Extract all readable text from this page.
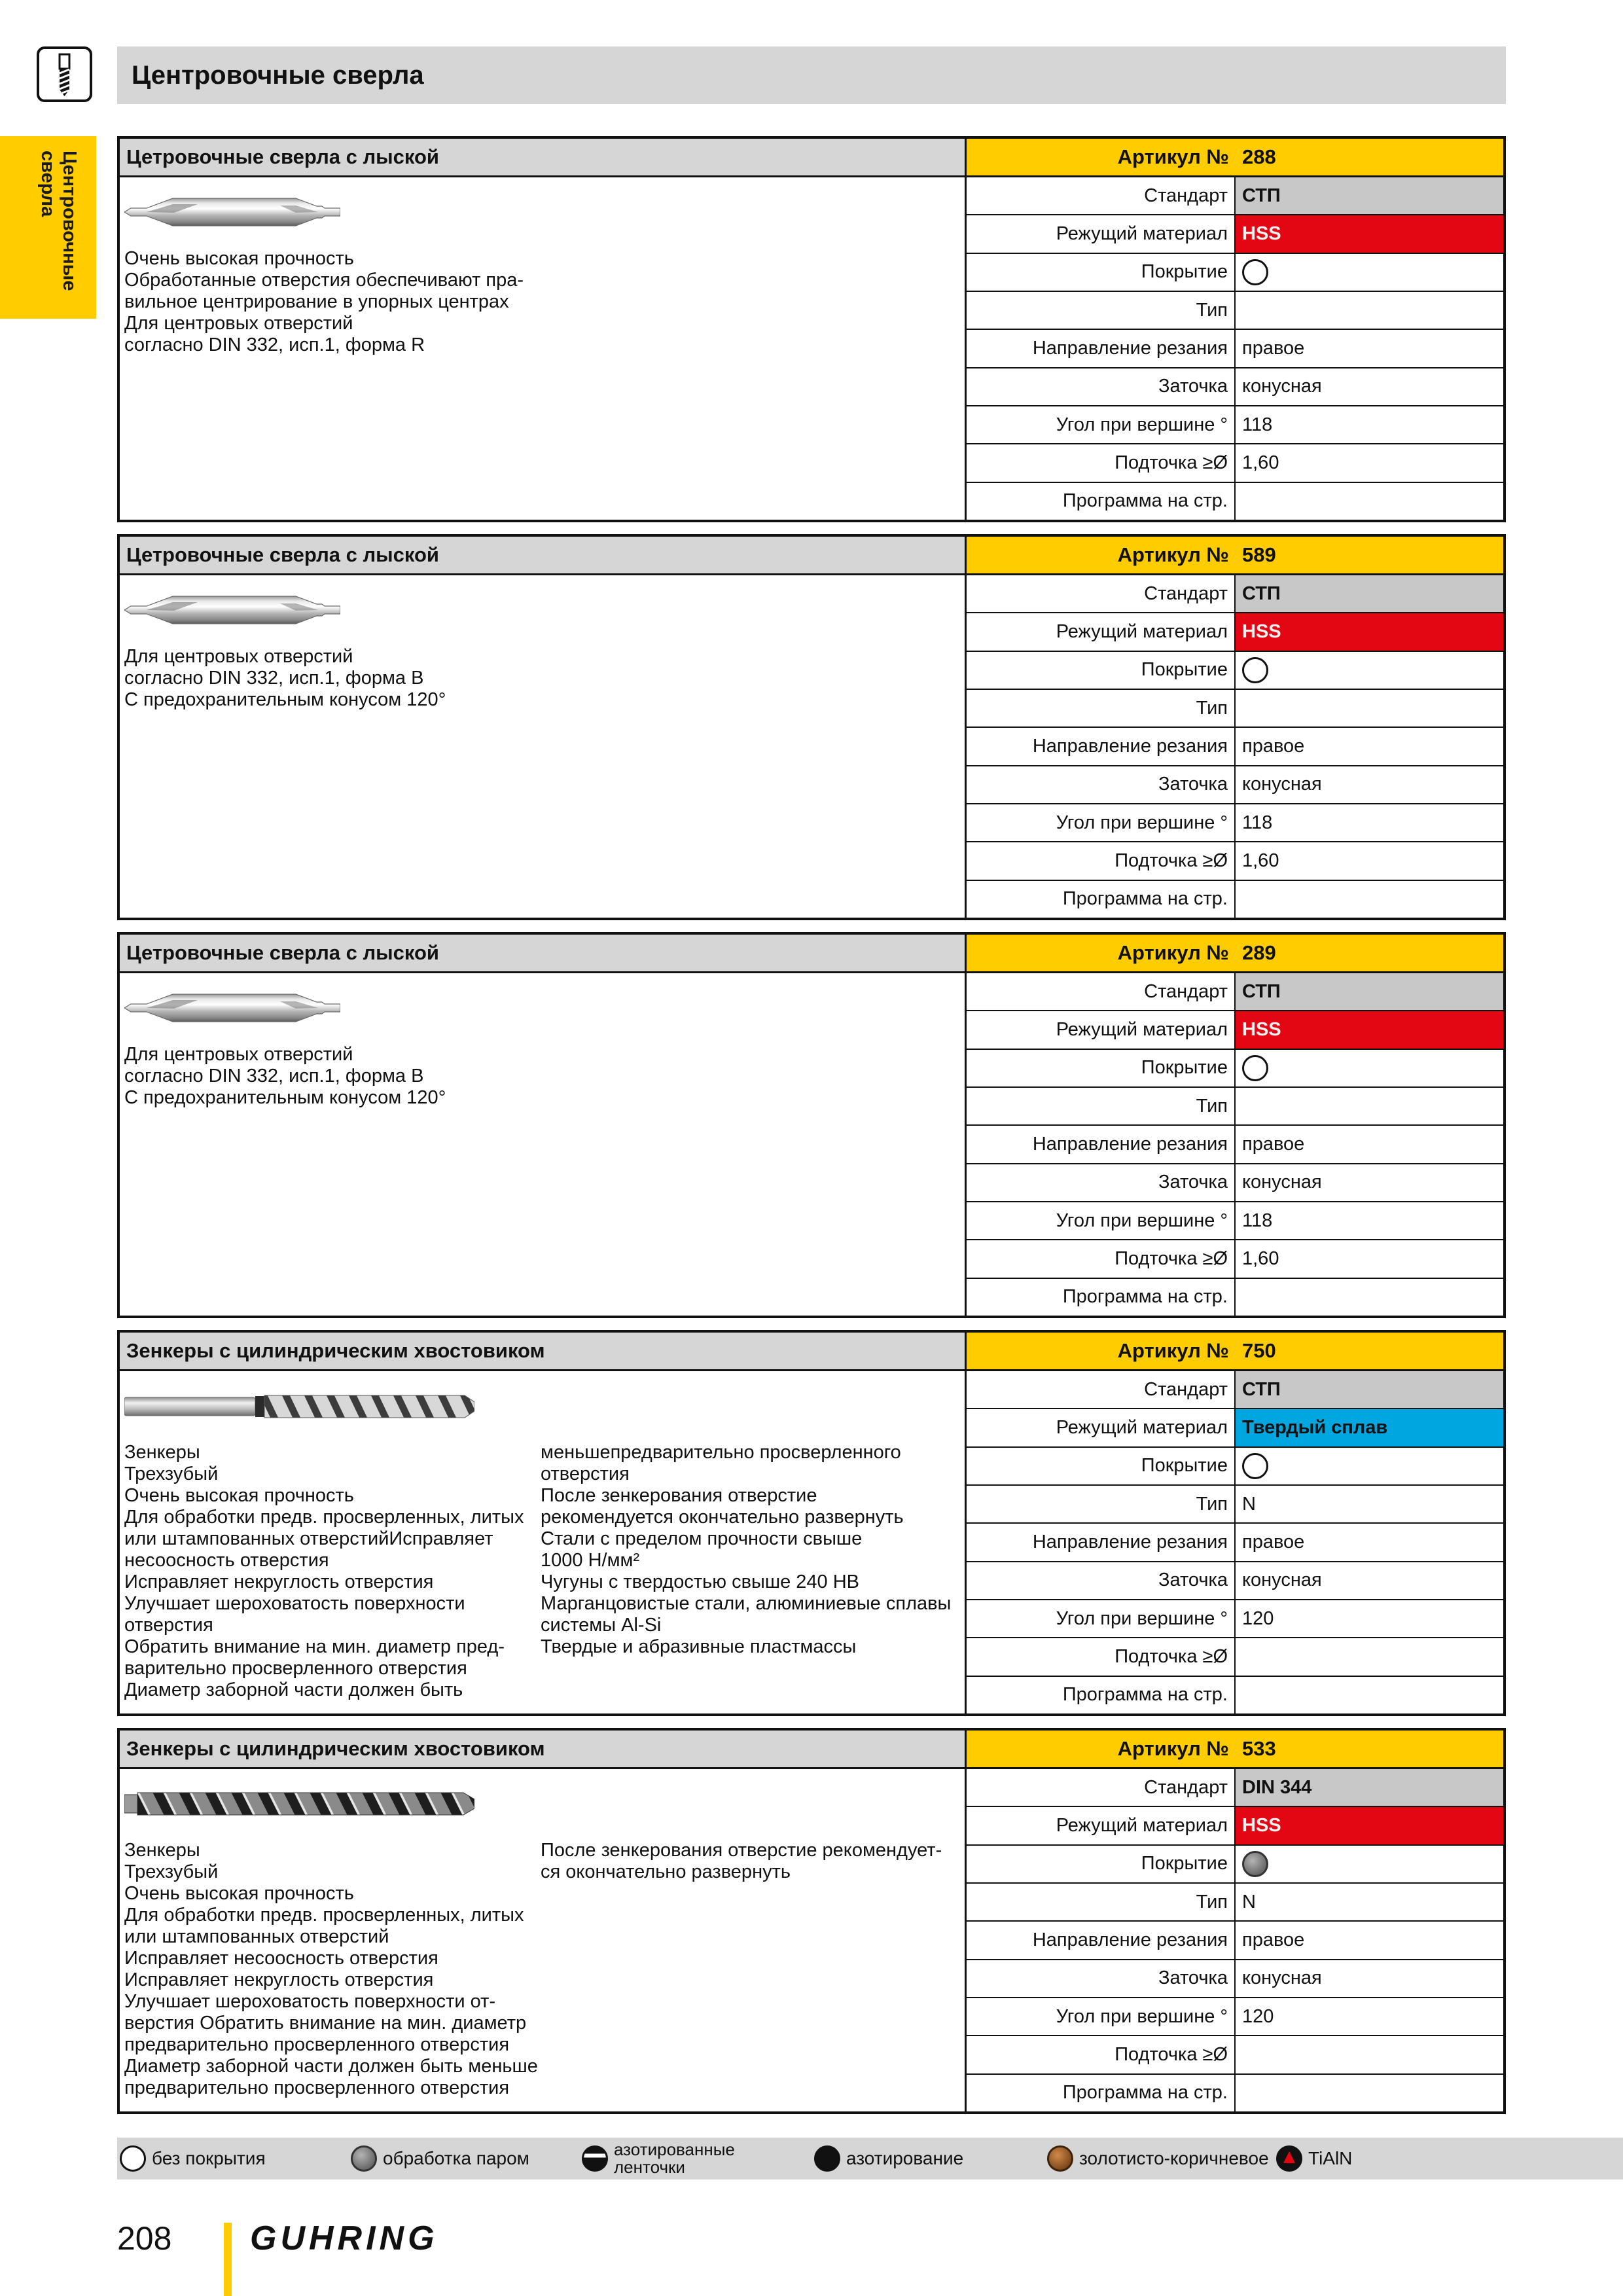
Центровочные сверла
Центровочные
сверла	Цетровочные сверла с лыской	Артикул № 288
Очень высокая прочность
Обработанные отверстия обеспечивают пра-
вильное центрирование в упорных центрах
Для центровых отверстий
согласно DIN 332, исп.1, форма R
Стандарт СТП
Режущий материал HSS
Покрытие
Тип
Направление резания правое
Заточка конусная
Угол при вершине ° 118
Подточка ≥Ø 1,60
Программа на стр.
Цетровочные сверла с лыской	Артикул № 589
Для центровых отверстий
согласно DIN 332, исп.1, форма B
С предохранительным конусом 120°
Стандарт СТП
Режущий материал HSS
Покрытие
Тип
Направление резания правое
Заточка конусная
Угол при вершине ° 118
Подточка ≥Ø 1,60
Программа на стр.
Цетровочные сверла с лыской	Артикул № 289
Для центровых отверстий
согласно DIN 332, исп.1, форма B
С предохранительным конусом 120°
Стандарт СТП
Режущий материал HSS
Покрытие
Тип
Направление резания правое
Заточка конусная
Угол при вершине ° 118
Подточка ≥Ø 1,60
Программа на стр.
Зенкеры с цилиндрическим хвостовиком	Артикул № 750
Зенкеры
Трехзубый
Очень высокая прочность
Для обработки предв. просверленных, литых
или штампованных отверстийИсправляет
несоосность отверстия
Исправляет некруглость отверстия
Улучшает шероховатость поверхности
отверстия
Обратить внимание на мин. диаметр пред-
варительно просверленного отверстия
Диаметр заборной части должен быть
меньшепредварительно просверленного
отверстия
После зенкерования отверстие
рекомендуется окончательно развернуть
Стали с пределом прочности свыше
1000 Н/мм²
Чугуны с твердостью свыше 240 HB
Марганцовистые стали, алюминиевые сплавы
системы Al-Si
Твердые и абразивные пластмассы
Стандарт СТП
Режущий материал Твердый сплав
Покрытие
Тип N
Направление резания правое
Заточка конусная
Угол при вершине ° 120
Подточка ≥Ø
Программа на стр.
Зенкеры с цилиндрическим хвостовиком	Артикул № 533
Зенкеры
Трехзубый
Очень высокая прочность
Для обработки предв. просверленных, литых
или штампованных отверстий
Исправляет несоосность отверстия
Исправляет некруглость отверстия
Улучшает шероховатость поверхности от-
верстия Обратить внимание на мин. диаметр
предварительно просверленного отверстия
Диаметр заборной части должен быть меньше
предварительно просверленного отверстия
После зенкерования отверстие рекомендует-
ся окончательно развернуть
Стандарт DIN 344
Режущий материал HSS
Покрытие
Тип N
Направление резания правое
Заточка конусная
Угол при вершине ° 120
Подточка ≥Ø
Программа на стр.
без покрытия	обработка паром	азотированные
ленточки	азотирование	золотисто-коричневое TiAlN
208 GUHRING
